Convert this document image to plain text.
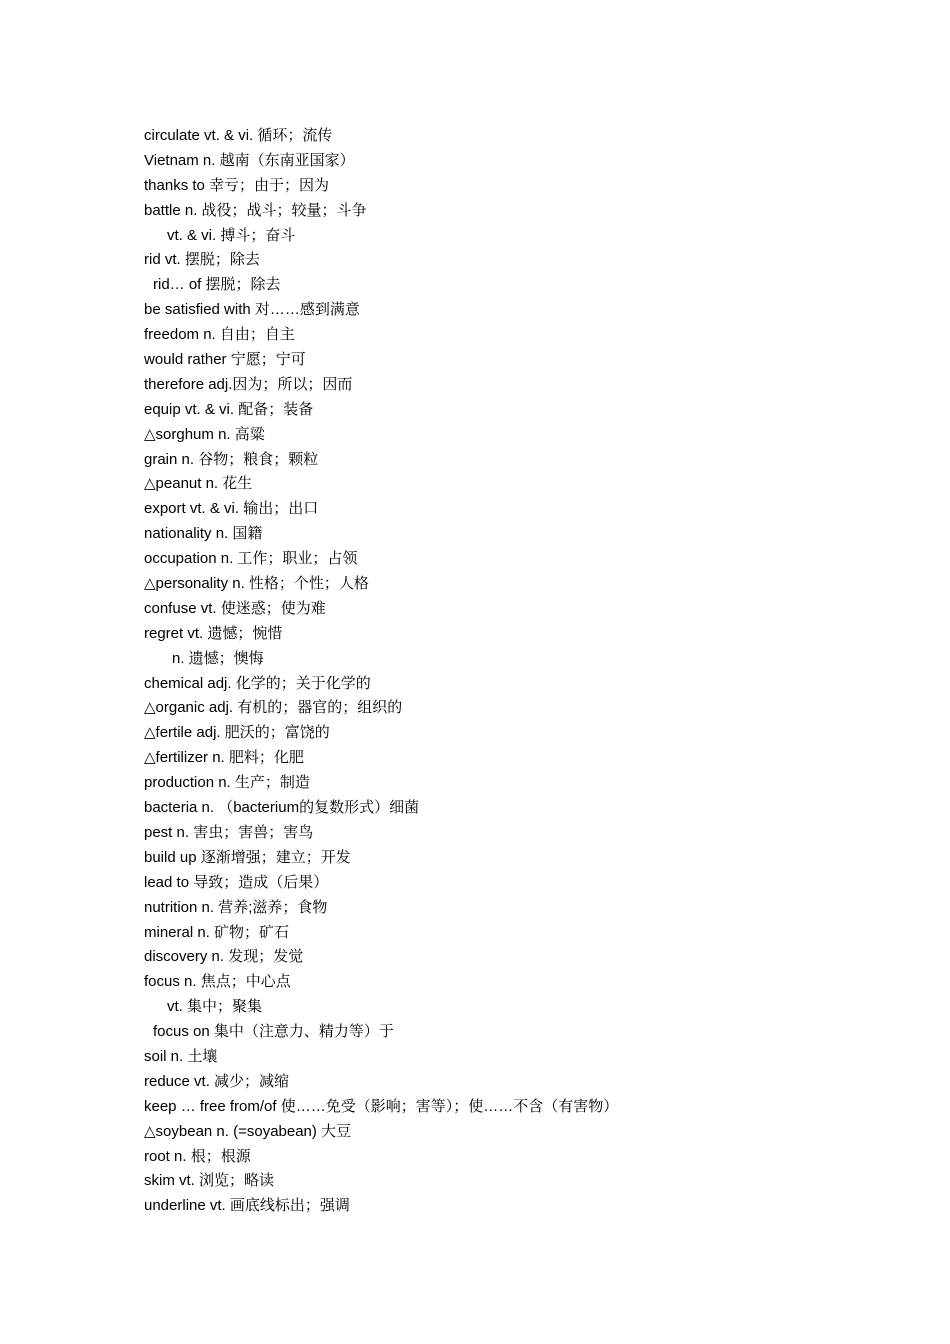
circulate vt. & vi. 循环；流传
Vietnam n. 越南（东南亚国家）
thanks to 幸亏；由于；因为
battle n. 战役；战斗；较量；斗争
vt. & vi. 搏斗；奋斗
rid vt. 摆脱；除去
rid… of 摆脱；除去
be satisfied with 对……感到满意
freedom n. 自由；自主
would rather 宁愿；宁可
therefore adj.因为；所以；因而
equip vt. & vi. 配备；装备
△sorghum n. 高粱
grain n. 谷物；粮食；颗粒
△peanut n. 花生
export vt. & vi. 输出；出口
nationality n. 国籍
occupation n. 工作；职业；占领
△personality n. 性格；个性；人格
confuse vt. 使迷惑；使为难
regret vt. 遗憾；惋惜
n. 遗憾；懊悔
chemical adj. 化学的；关于化学的
△organic adj. 有机的；器官的；组织的
△fertile adj. 肥沃的；富饶的
△fertilizer n. 肥料；化肥
production n. 生产；制造
bacteria n. （bacterium的复数形式）细菌
pest n. 害虫；害兽；害鸟
build up 逐渐增强；建立；开发
lead to 导致；造成（后果）
nutrition n. 营养;滋养；食物
mineral n. 矿物；矿石
discovery n. 发现；发觉
focus n. 焦点；中心点
vt. 集中；聚集
focus on 集中（注意力、精力等）于
soil n. 土壤
reduce vt. 减少；减缩
keep … free from/of 使……免受（影响；害等）；使……不含（有害物）
△soybean n. (=soyabean) 大豆
root n. 根；根源
skim vt. 浏览；略读
underline vt. 画底线标出；强调
